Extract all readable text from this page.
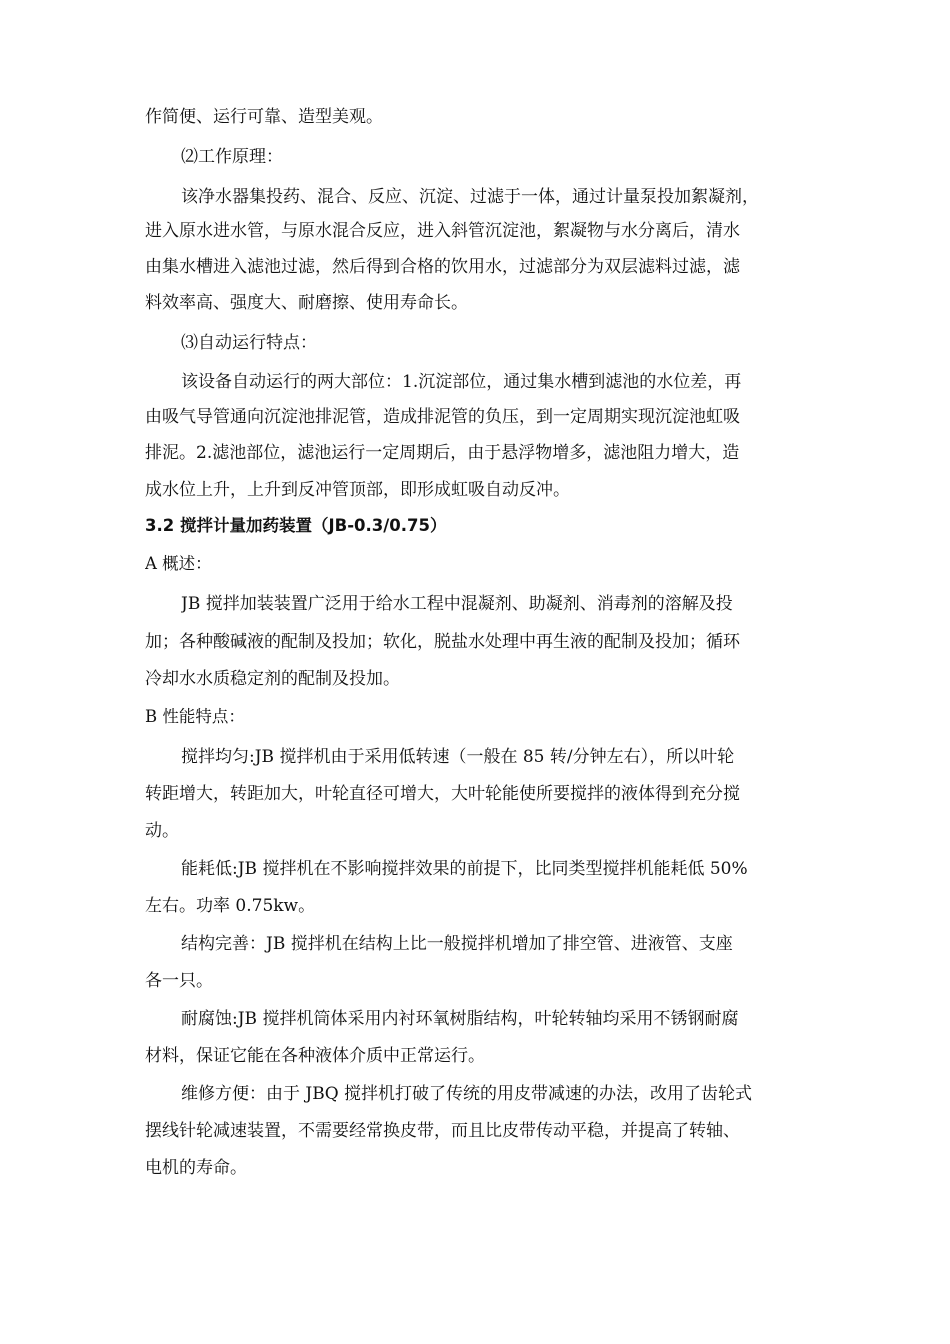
作简便、运行可靠、造型美观。
⑵工作原理：
该净水器集投药、混合、反应、沉淀、过滤于一体，通过计量泵投加絮凝剂，
进入原水进水管，与原水混合反应，进入斜管沉淀池，絮凝物与水分离后，清水
由集水槽进入滤池过滤，然后得到合格的饮用水，过滤部分为双层滤料过滤，滤
料效率高、强度大、耐磨擦、使用寿命长。
⑶自动运行特点：
该设备自动运行的两大部位：1.沉淀部位，通过集水槽到滤池的水位差，再
由吸气导管通向沉淀池排泥管，造成排泥管的负压，到一定周期实现沉淀池虹吸
排泥。2.滤池部位，滤池运行一定周期后，由于悬浮物增多，滤池阻力增大，造
成水位上升，上升到反冲管顶部，即形成虹吸自动反冲。
3.2 搅拌计量加药装置（JB-0.3/0.75）
A 概述：
JB 搅拌加装装置广泛用于给水工程中混凝剂、助凝剂、消毒剂的溶解及投
加；各种酸碱液的配制及投加；软化，脱盐水处理中再生液的配制及投加；循环
冷却水水质稳定剂的配制及投加。
B 性能特点：
搅拌均匀:JB 搅拌机由于采用低转速（一般在 85 转/分钟左右），所以叶轮
转距增大，转距加大，叶轮直径可增大，大叶轮能使所要搅拌的液体得到充分搅
动。
能耗低:JB 搅拌机在不影响搅拌效果的前提下，比同类型搅拌机能耗低 50%
左右。功率 0.75kw。
结构完善：JB 搅拌机在结构上比一般搅拌机增加了排空管、进液管、支座
各一只。
耐腐蚀:JB 搅拌机筒体采用内衬环氧树脂结构，叶轮转轴均采用不锈钢耐腐
材料，保证它能在各种液体介质中正常运行。
维修方便：由于 JBQ 搅拌机打破了传统的用皮带减速的办法，改用了齿轮式
摆线针轮减速装置，不需要经常换皮带，而且比皮带传动平稳，并提高了转轴、
电机的寿命。
